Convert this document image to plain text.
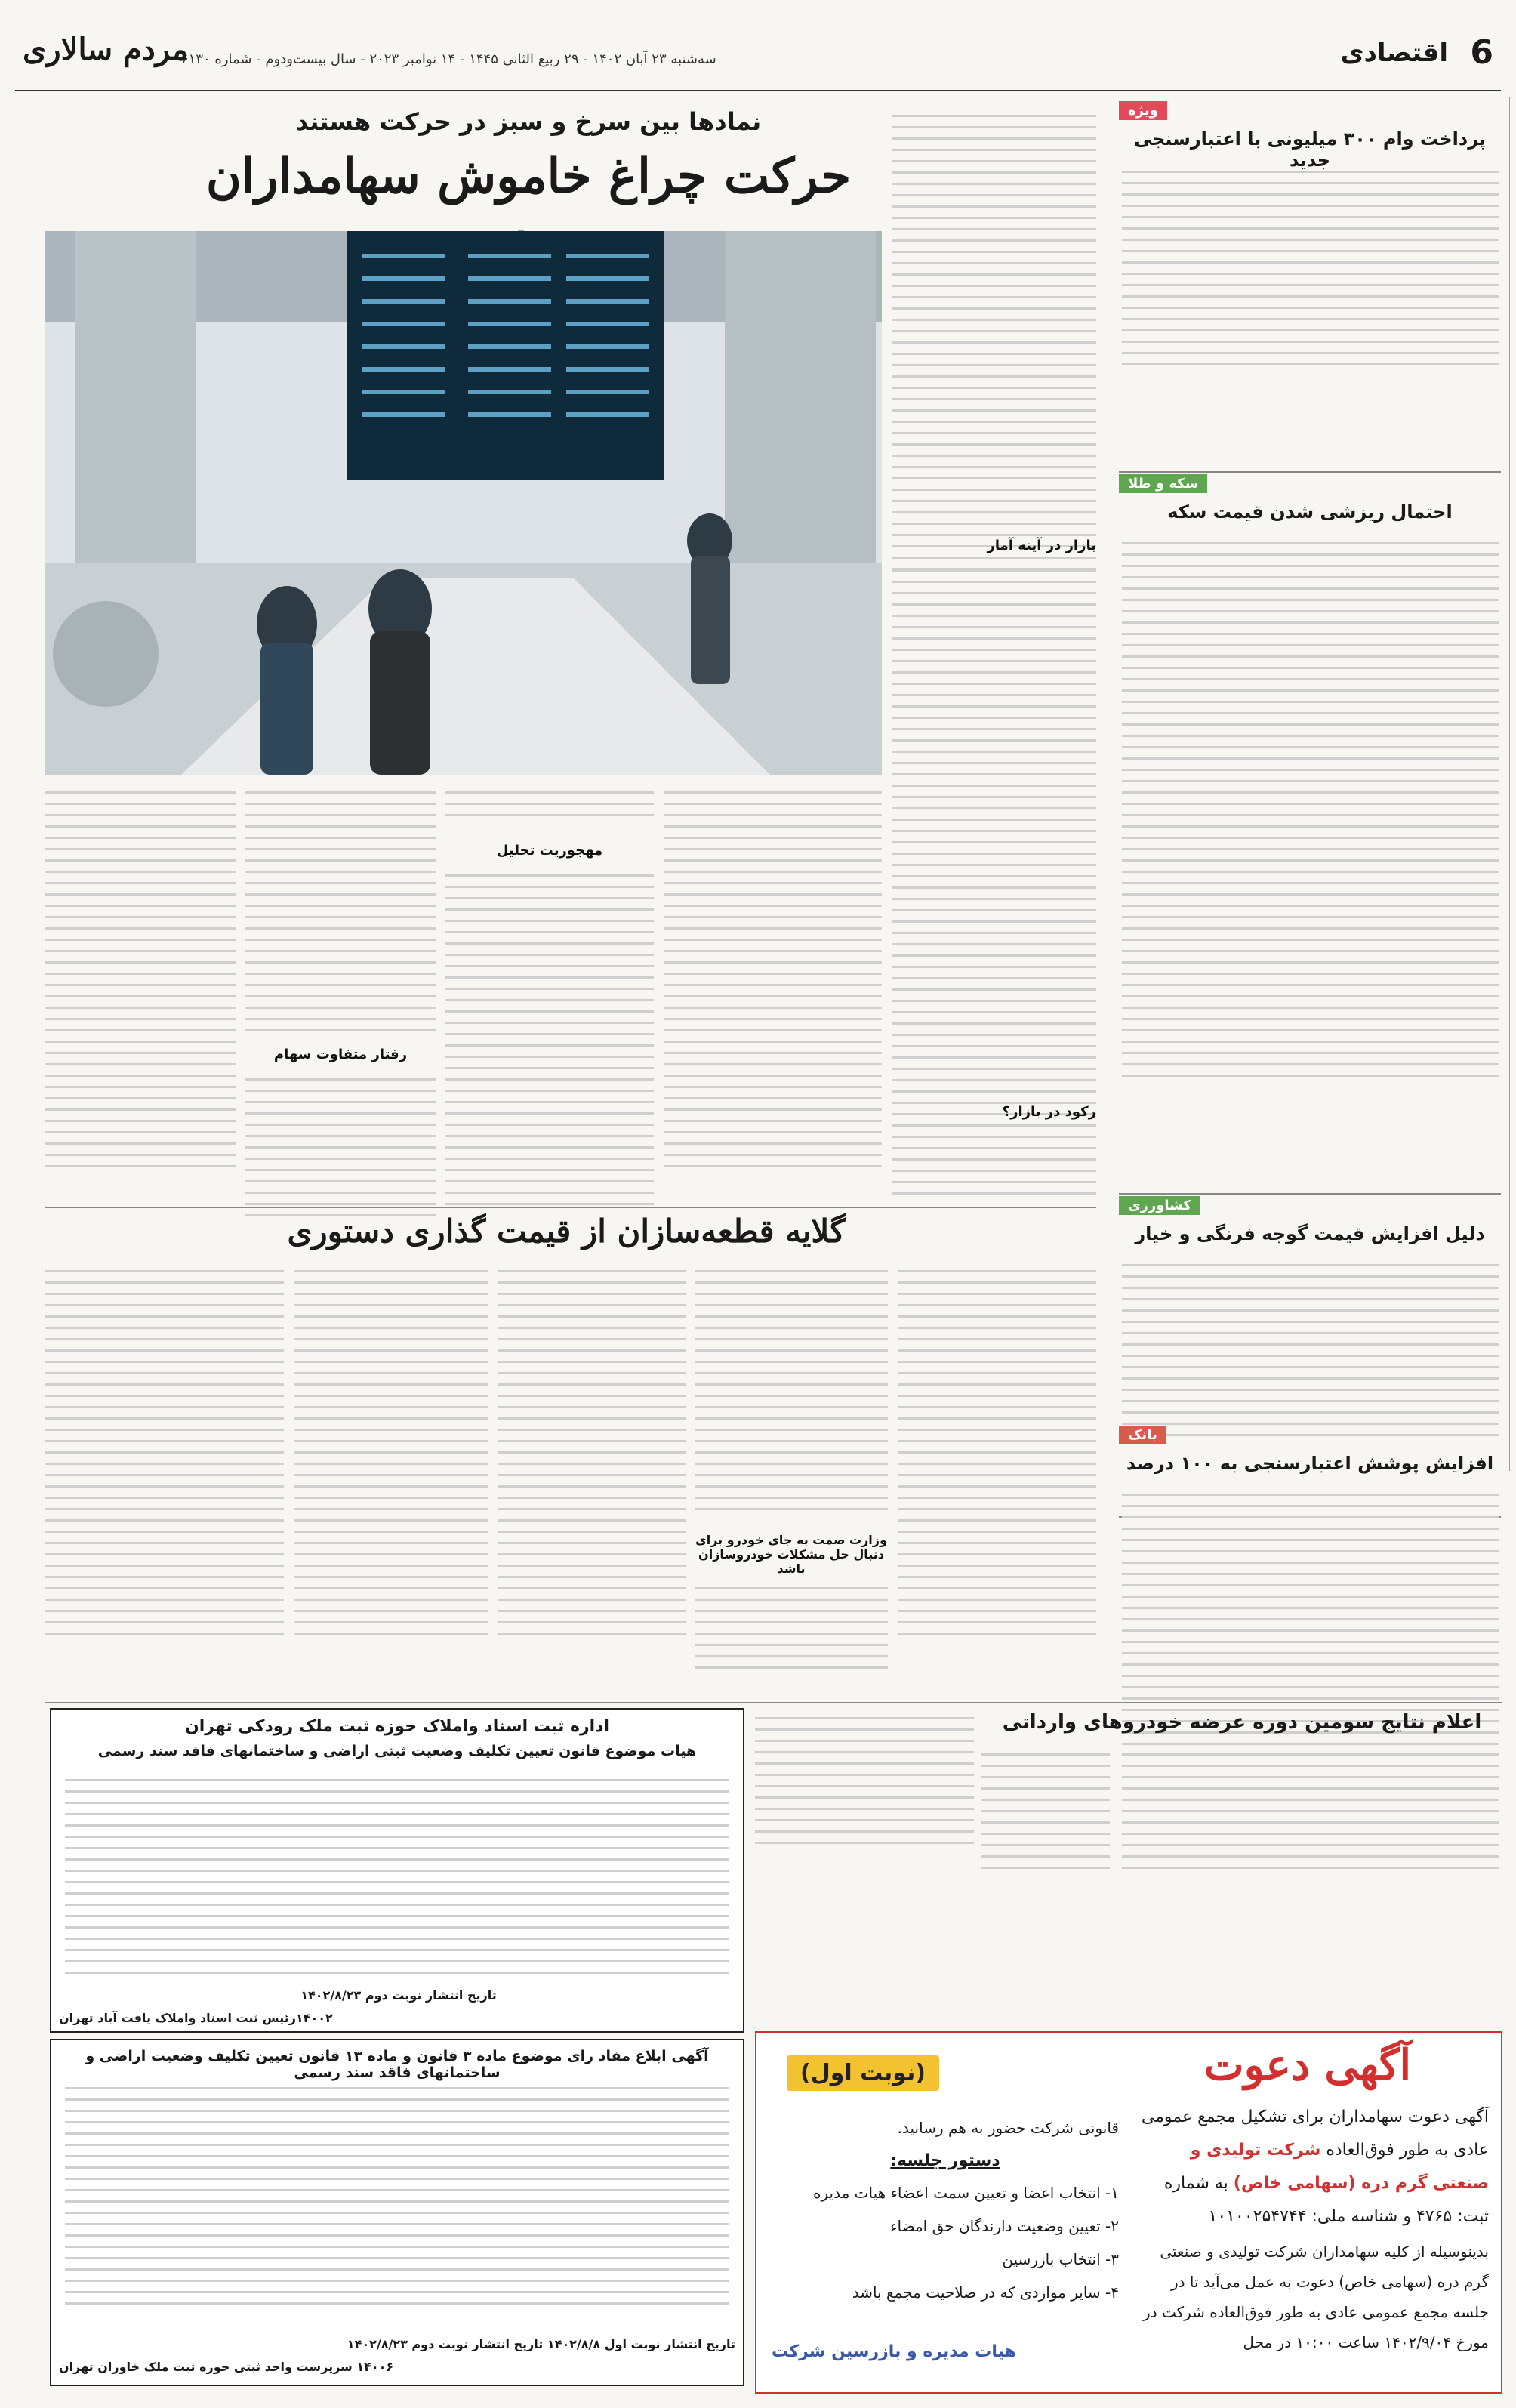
6
اقتصادی
سه‌شنبه ۲۳ آبان ۱۴۰۲ - ۲۹ ربیع الثانی ۱۴۴۵ - ۱۴ نوامبر ۲۰۲۳ - سال بیست‌و‌دوم - شماره ۶۱۳۰
مردم سالاری
ویژه
پرداخت وام ۳۰۰ میلیونی با اعتبارسنجی جدید
سکه و طلا
احتمال ریزشی شدن قیمت سکه
کشاورزی
دلیل افزایش قیمت گوجه فرنگی و خیار
بانک
افزایش پوشش اعتبارسنجی به ۱۰۰ درصد
نمادها بین سرخ و سبز در حرکت هستند
حرکت چراغ خاموش سهامداران
بازار در آینه آمار
رکود در بازار؟
مهجوریت تحلیل
رفتار متفاوت سهام
گلایه قطعه‌سازان از قیمت گذاری دستوری
وزارت صمت به جای خودرو برای دنبال حل مشکلات خودروسازان باشد
اعلام نتایج سومین دوره عرضه خودروهای وارداتی
اداره ثبت اسناد واملاک حوزه ثبت ملک رودکی تهران
هیات موضوع قانون تعیین تکلیف وضعیت ثبتی اراضی و ساختمانهای فاقد سند رسمی
تاریخ انتشار نوبت دوم ۱۴۰۲/۸/۲۳
۱۴۰۰۲رئیس ثبت اسناد واملاک یافت آباد تهران
آگهی ابلاغ مفاد رای موضوع ماده ۳ قانون و ماده ۱۳ قانون تعیین تکلیف وضعیت اراضی و ساختمانهای فاقد سند رسمی
تاریخ انتشار نوبت اول ۱۴۰۲/۸/۸ تاریخ انتشار نوبت دوم ۱۴۰۲/۸/۲۳
۱۴۰۰۶ سرپرست واحد ثبتی حوزه ثبت ملک خاوران تهران
آگهی دعوت
(نوبت اول)
آگهی دعوت سهامداران برای تشکیل مجمع عمومی عادی به طور فوق‌العاده شرکت تولیدی و صنعتی گرم دره (سهامی خاص) به شماره ثبت: ۴۷۶۵ و شناسه ملی: ۱۰۱۰۰۲۵۴۷۴۴
بدینوسیله از کلیه سهامداران شرکت تولیدی و صنعتی گرم دره (سهامی خاص) دعوت به عمل می‌آید تا در جلسه مجمع عمومی عادی به طور فوق‌العاده شرکت در مورخ ۱۴۰۲/۹/۰۴ ساعت ۱۰:۰۰ در محل
قانونی شرکت حضور به هم رسانید.
دستور جلسه:
۱- انتخاب اعضا و تعیین سمت اعضاء هیات مدیره
۲- تعیین وضعیت دارندگان حق امضاء
۳- انتخاب بازرسین
۴- سایر مواردی که در صلاحیت مجمع باشد
هیات مدیره و بازرسین شرکت
